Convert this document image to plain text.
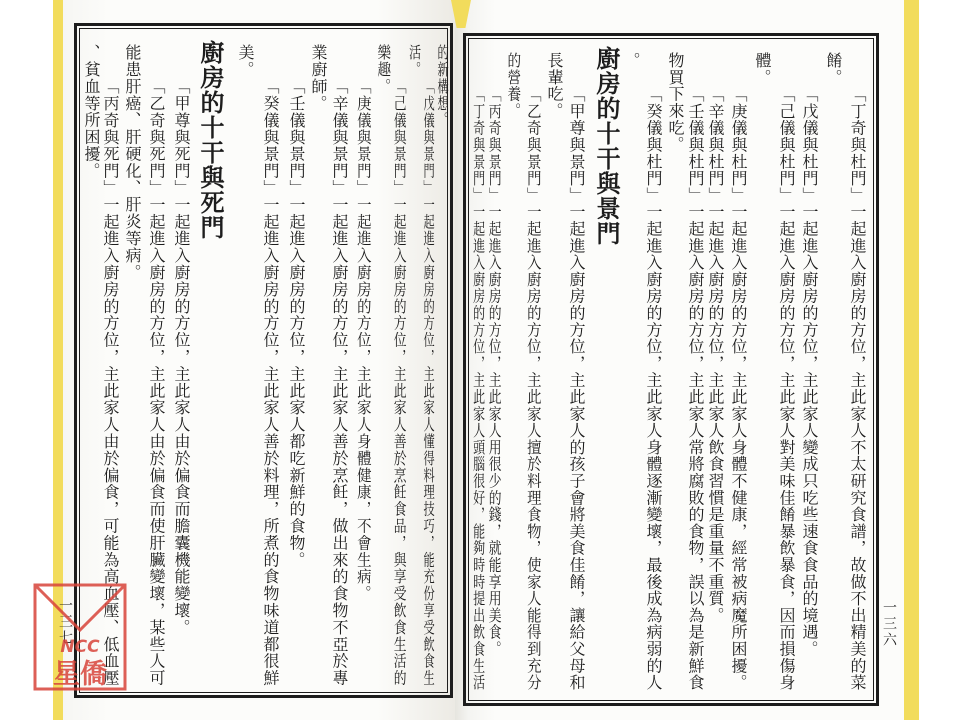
「丁奇與杜門」一起進入廚房的方位，主此家人不太研究食譜，故做不出精美的菜
餚。
「戊儀與杜門」一起進入廚房的方位，主此家人變成只吃些速食食品的境遇。
「己儀與杜門」一起進入廚房的方位，主此家人對美味佳餚暴飲暴食，因而損傷身
體。
「庚儀與杜門」一起進入廚房的方位，主此家人身體不健康，經常被病魔所困擾。
「辛儀與杜門」一起進入廚房的方位，主此家人飲食習慣是重量不重質。
「壬儀與杜門」一起進入廚房的方位，主此家人常將腐敗的食物，誤以為是新鮮食
物買下來吃。
「癸儀與杜門」一起進入廚房的方位，主此家人身體逐漸變壞，最後成為病弱的人
。
廚房的十干與景門
「甲尊與景門」一起進入廚房的方位，主此家人的孩子會將美食佳餚，讓給父母和
長輩吃。
「乙奇與景門」一起進入廚房的方位，主此家人擅於料理食物，使家人能得到充分
的營養。
「丙奇與景門」一起進入廚房的方位，主此家人用很少的錢，就能享用美食。
「丁奇與景門」一起進入廚房的方位，主此家人頭腦很好，能夠時時提出飲食生活	一三六
的新構想。
「戊儀與景門」一起進入廚房的方位，主此家人懂得料理技巧，能充份享受飲食生
活。
「己儀與景門」一起進入廚房的方位，主此家人善於烹飪食品，與享受飲食生活的
樂趣。
「庚儀與景門」一起進入廚房的方位，主此家人身體健康，不會生病。
「辛儀與景門」一起進入廚房的方位，主此家人善於烹飪，做出來的食物不亞於專
業廚師。
「壬儀與景門」一起進入廚房的方位，主此家人都吃新鮮的食物。
「癸儀與景門」一起進入廚房的方位，主此家人善於料理，所煮的食物味道都很鮮
美。
廚房的十干與死門
「甲尊與死門」一起進入廚房的方位，主此家人由於偏食而膽囊機能變壞。
「乙奇與死門」一起進入廚房的方位，主此家人由於偏食而使肝臟變壞，某些人可
能患肝癌、肝硬化、肝炎等病。
「丙奇與死門」一起進入廚房的方位，主此家人由於偏食，可能為高血壓、低血壓
、貧血等所困擾。
一三七
NCC
星僑
